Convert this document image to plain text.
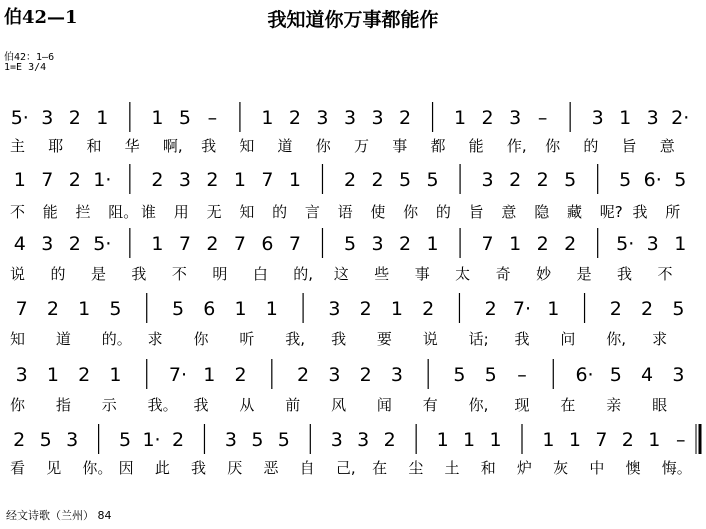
伯42—1	我知道你万事都能作
伯42：1—6
1=E 3/4
经文诗歌（兰州） 84
5· 3 2 1 1 5 – 1 2 3 3 3 2 1 2 3 – 3 1 3 2·
主 耶 和 华 啊, 我 知 道 你 万 事 都 能 作, 你 的 旨 意
1 7 2 1· 2 3 2 1 7 1 2 2 5 5 3 2 2 5 5 6· 5
不 能 拦 阻。 谁 用 无 知 的 言 语 使 你 的 旨 意 隐 藏 呢? 我 所
4 3 2 5· 1 7 2 7 6 7 5 3 2 1 7 1 2 2 5· 3 1
说 的 是 我 不 明 白 的, 这 些 事 太 奇 妙 是 我 不
7 2 1 5	5 6 1 1	3 2 1 2	2 7· 1	2 2 5
知 道 的。 求 你 听 我, 我 要 说 话; 我 问 你, 求
3 1 2 1 7· 1 2	2 3 2 3	5 5 –	6· 5 4 3
你 指 示 我。 我 从 前 风 闻 有 你, 现 在 亲 眼
2 5 3 5 1· 2 3 5 5 3 3 2 1 1 1 1 1 7 2 1 –
看 见 你。 因 此 我 厌 恶 自 己, 在 尘 土 和 炉 灰 中 懊 悔。
